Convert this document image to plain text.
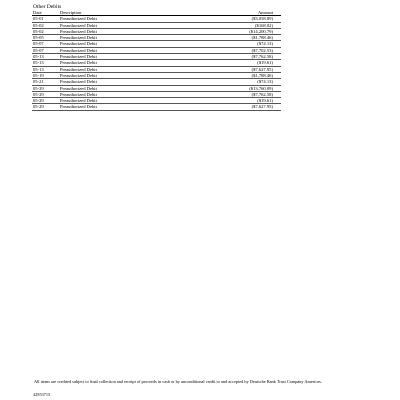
Other Debits
Date	Description	Amount	
05-01	Preauthorized Debit	($3,058.89)	
05-02	Preauthorized Debit	($168.02)	
05-02	Preauthorized Debit	($14,200.79)	
05-05	Preauthorized Debit	($1,788.46)	
05-07	Preauthorized Debit	($74.13)	
05-07	Preauthorized Debit	($7,702.53)	
05-13	Preauthorized Debit	($7,762.58)	
05-13	Preauthorized Debit	($19.61)	
05-13	Preauthorized Debit	($7,627.95)	
05-19	Preauthorized Debit	($1,788.46)	
05-21	Preauthorized Debit	($74.13)	
05-29	Preauthorized Debit	($13,760.09)	
05-29	Preauthorized Debit	($7,762.58)	
05-29	Preauthorized Debit	($19.61)	
05-29	Preauthorized Debit	($7,627.95)	
All items are credited subject to final collection and receipt of proceeds in cash or by unconditional credit to and accepted by Deutsche Bank Trust Company Americas.
42953715
